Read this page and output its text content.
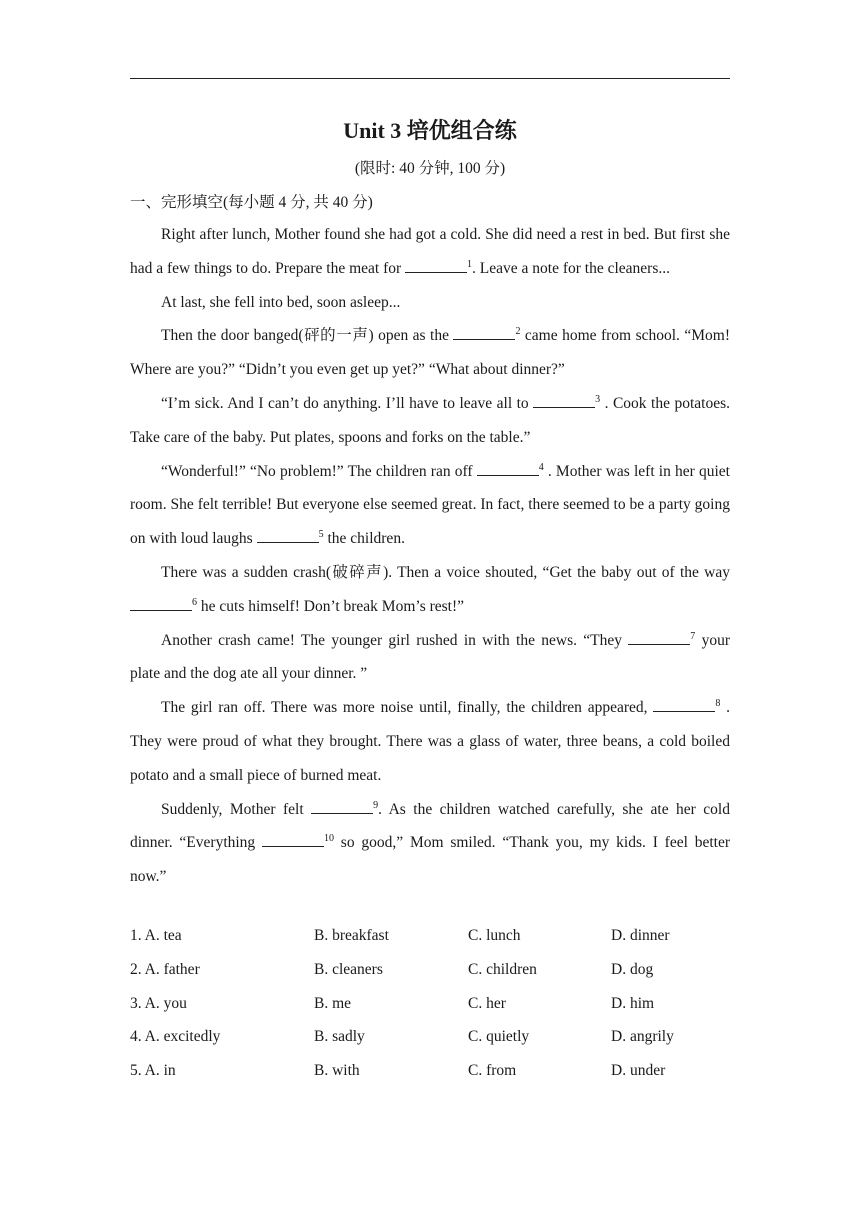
Unit 3 培优组合练
(限时: 40 分钟, 100 分)
一、完形填空(每小题 4 分, 共 40 分)

Right after lunch, Mother found she had got a cold. She did need a rest in bed. But first she had a few things to do. Prepare the meat for	$^1$. Leave a note for the cleaners...

At last, she fell into bed, soon asleep...

Then the door banged(砰的一声) open as the	$^2$ came home from school. “Mom! Where are you?” “Didn’t you even get up yet?” “What about dinner?”

“I’m sick. And I can’t do anything. I’ll have to leave all to	$^3$ . Cook the potatoes. Take care of the baby. Put plates, spoons and forks on the table.”

“Wonderful!” “No problem!” The children ran off	$^4$ . Mother was left in her quiet room. She felt terrible! But everyone else seemed great. In fact, there seemed to be a party going on with loud laughs	$^5$ the children.

There was a sudden crash(破碎声). Then a voice shouted, “Get the baby out of the way $^6$ he cuts himself! Don’t break Mom’s rest!”

Another crash came! The younger girl rushed in with the news. “They	$^7$ your plate and the dog ate all your dinner. ”

The girl ran off. There was more noise until, finally, the children appeared,	$^8$ . They were proud of what they brought. There was a glass of water, three beans, a cold boiled potato and a small piece of burned meat.

Suddenly, Mother felt	$^9$. As the children watched carefully, she ate her cold dinner. “Everything	$^{10}$ so good,” Mom smiled. “Thank you, my kids. I feel better now.”

1. A. tea	B. breakfast	C. lunch	D. dinner
2. A. father	B. cleaners	C. children	D. dog
3. A. you	B. me	C. her	D. him
4. A. excitedly	B. sadly	C. quietly	D. angrily
5. A. in	B. with	C. from	D. under
